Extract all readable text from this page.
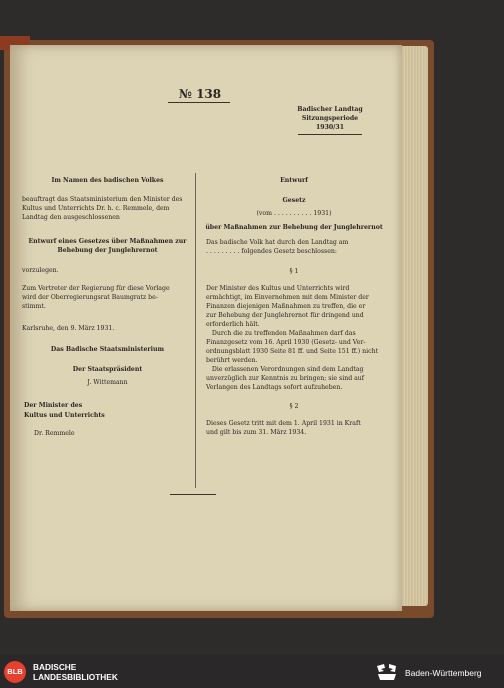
№ 138
Badischer Landtag
Sitzungsperiode
1930/31
Im Namen des badischen Volkes
beauftragt das Staatsministerium den Minister des
Kultus und Unterrichts Dr. h. c. Remmele, dem
Landtag den ausgeschlossenen
Entwurf eines Gesetzes über Maßnahmen zur
Behebung der Junglehrernot
vorzulegen.
Zum Vertreter der Regierung für diese Vorlage
wird der Oberregierungsrat Baumgratz be-
stimmt.
Karlsruhe, den 9. März 1931.
Das Badische Staatsministerium
Der Staatspräsident
J. Wittemann
Der Minister des
Kultus und Unterrichts
Dr. Remmele
Entwurf
Gesetz
(vom . . . . . . . . . . 1931)
über Maßnahmen zur Behebung der Junglehrernot
Das badische Volk hat durch den Landtag am
. . . . . . . . . folgendes Gesetz beschlossen:
§ 1
Der Minister des Kultus und Unterrichts wird
ermächtigt, im Einvernehmen mit dem Minister der
Finanzen diejenigen Maßnahmen zu treffen, die er
zur Behebung der Junglehrernot für dringend und
erforderlich hält.
Durch die zu treffenden Maßnahmen darf das
Finanzgesetz vom 16. April 1930 (Gesetz- und Ver-
ordnungsblatt 1930 Seite 81 ff. und Seite 151 ff.) nicht
berührt werden.
Die erlassenen Verordnungen sind dem Landtag
unverzüglich zur Kenntnis zu bringen; sie sind auf
Verlangen des Landtags sofort aufzuheben.
§ 2
Dieses Gesetz tritt mit dem 1. April 1931 in Kraft
und gilt bis zum 31. März 1934.
BLB	BADISCHE
LANDESBIBLIOTHEK	Baden-Württemberg
